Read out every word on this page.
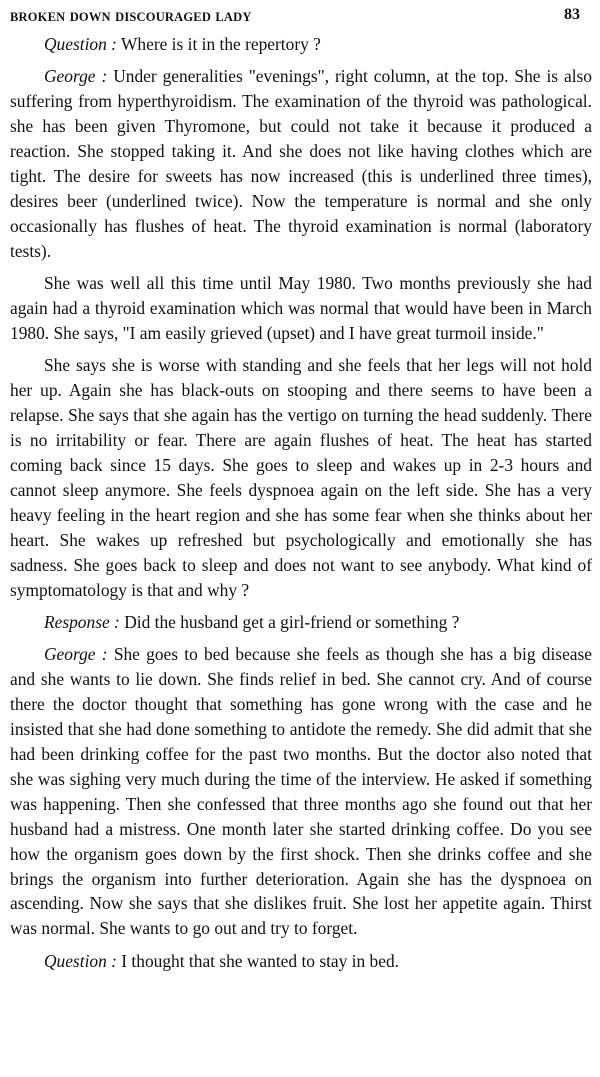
BROKEN DOWN DISCOURAGED LADY	83

Question : Where is it in the repertory ?

George : Under generalities "evenings", right column, at the top. She is also suffering from hyperthyroidism. The examination of the thyroid was pathological. she has been given Thyromone, but could not take it because it produced a reaction. She stopped taking it. And she does not like having clothes which are tight. The desire for sweets has now increased (this is underlined three times), desires beer (underlined twice). Now the temperature is normal and she only occasionally has flushes of heat. The thyroid examination is normal (laboratory tests).

She was well all this time until May 1980. Two months previously she had again had a thyroid examination which was normal that would have been in March 1980. She says, "I am easily grieved (upset) and I have great turmoil inside."

She says she is worse with standing and she feels that her legs will not hold her up. Again she has black-outs on stooping and there seems to have been a relapse. She says that she again has the vertigo on turning the head suddenly. There is no irritability or fear. There are again flushes of heat. The heat has started coming back since 15 days. She goes to sleep and wakes up in 2-3 hours and cannot sleep anymore. She feels dyspnoea again on the left side. She has a very heavy feeling in the heart region and she has some fear when she thinks about her heart. She wakes up refreshed but psychologically and emotionally she has sadness. She goes back to sleep and does not want to see anybody. What kind of symptomatology is that and why ?

Response : Did the husband get a girl-friend or something ?

George : She goes to bed because she feels as though she has a big disease and she wants to lie down. She finds relief in bed. She cannot cry. And of course there the doctor thought that something has gone wrong with the case and he insisted that she had done something to antidote the remedy. She did admit that she had been drinking coffee for the past two months. But the doctor also noted that she was sighing very much during the time of the interview. He asked if something was happening. Then she confessed that three months ago she found out that her husband had a mistress. One month later she started drinking coffee. Do you see how the organism goes down by the first shock. Then she drinks coffee and she brings the organism into further deterioration. Again she has the dyspnoea on ascending. Now she says that she dislikes fruit. She lost her appetite again. Thirst was normal. She wants to go out and try to forget.

Question : I thought that she wanted to stay in bed.
